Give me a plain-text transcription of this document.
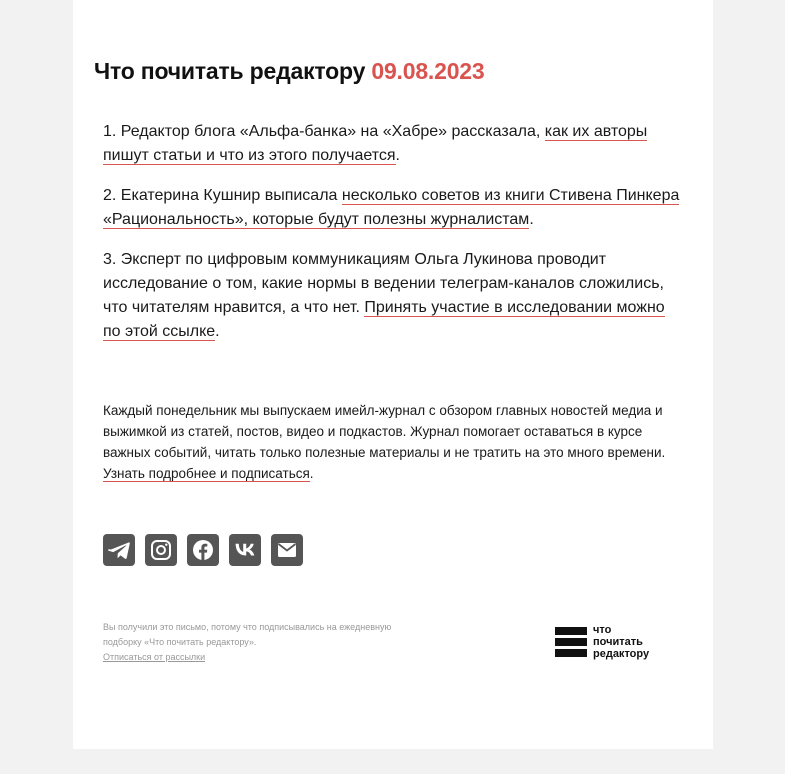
Что почитать редактору 09.08.2023

1. Редактор блога «Альфа-банка» на «Хабре» рассказала, как их авторы пишут статьи и что из этого получается.

2. Екатерина Кушнир выписала несколько советов из книги Стивена Пинкера «Рациональность», которые будут полезны журналистам.

3. Эксперт по цифровым коммуникациям Ольга Лукинова проводит исследование о том, какие нормы в ведении телеграм-каналов сложились, что читателям нравится, а что нет. Принять участие в исследовании можно по этой ссылке.

Каждый понедельник мы выпускаем имейл-журнал с обзором главных новостей медиа и выжимкой из статей, постов, видео и подкастов. Журнал помогает оставаться в курсе важных событий, читать только полезные материалы и не тратить на это много времени. Узнать подробнее и подписаться.

Вы получили это письмо, потому что подписывались на ежедневную подборку «Что почитать редактору».
Отписаться от рассылки
что
почитать
редактору
